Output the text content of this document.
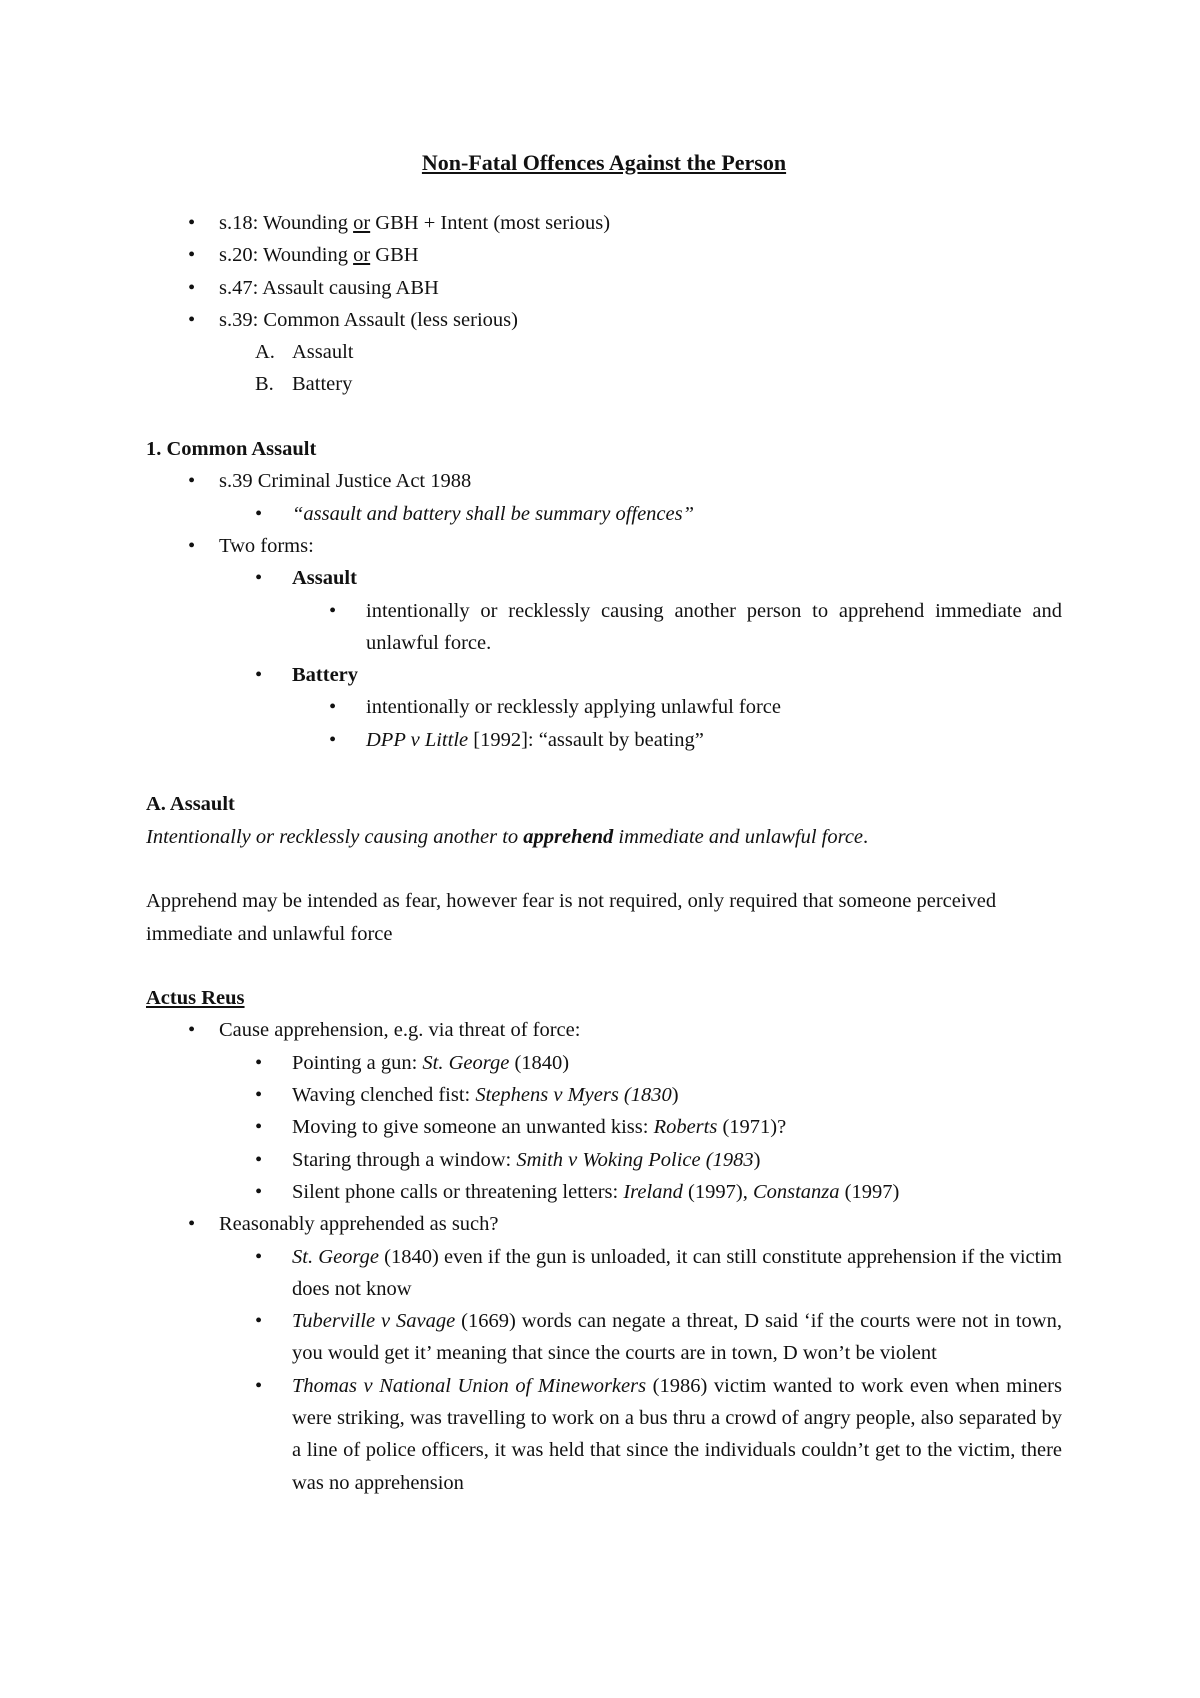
Non-Fatal Offences Against the Person
• s.18: Wounding or GBH + Intent (most serious)
• s.20: Wounding or GBH
• s.47: Assault causing ABH
• s.39: Common Assault (less serious)
A. Assault
B. Battery
1. Common Assault
• s.39 Criminal Justice Act 1988
• “assault and battery shall be summary offences”
• Two forms:
• Assault
• intentionally or recklessly causing another person to apprehend immediate and unlawful force.
• Battery
• intentionally or recklessly applying unlawful force
• DPP v Little [1992]: “assault by beating”
A. Assault
Intentionally or recklessly causing another to apprehend immediate and unlawful force.
Apprehend may be intended as fear, however fear is not required, only required that someone perceived immediate and unlawful force
Actus Reus
• Cause apprehension, e.g. via threat of force:
• Pointing a gun: St. George (1840)
• Waving clenched fist: Stephens v Myers (1830)
• Moving to give someone an unwanted kiss: Roberts (1971)?
• Staring through a window: Smith v Woking Police (1983)
• Silent phone calls or threatening letters: Ireland (1997), Constanza (1997)
• Reasonably apprehended as such?
• St. George (1840) even if the gun is unloaded, it can still constitute apprehension if the victim does not know
• Tuberville v Savage (1669) words can negate a threat, D said ‘if the courts were not in town, you would get it’ meaning that since the courts are in town, D won’t be violent
• Thomas v National Union of Mineworkers (1986) victim wanted to work even when miners were striking, was travelling to work on a bus thru a crowd of angry people, also separated by a line of police officers, it was held that since the individuals couldn’t get to the victim, there was no apprehension
